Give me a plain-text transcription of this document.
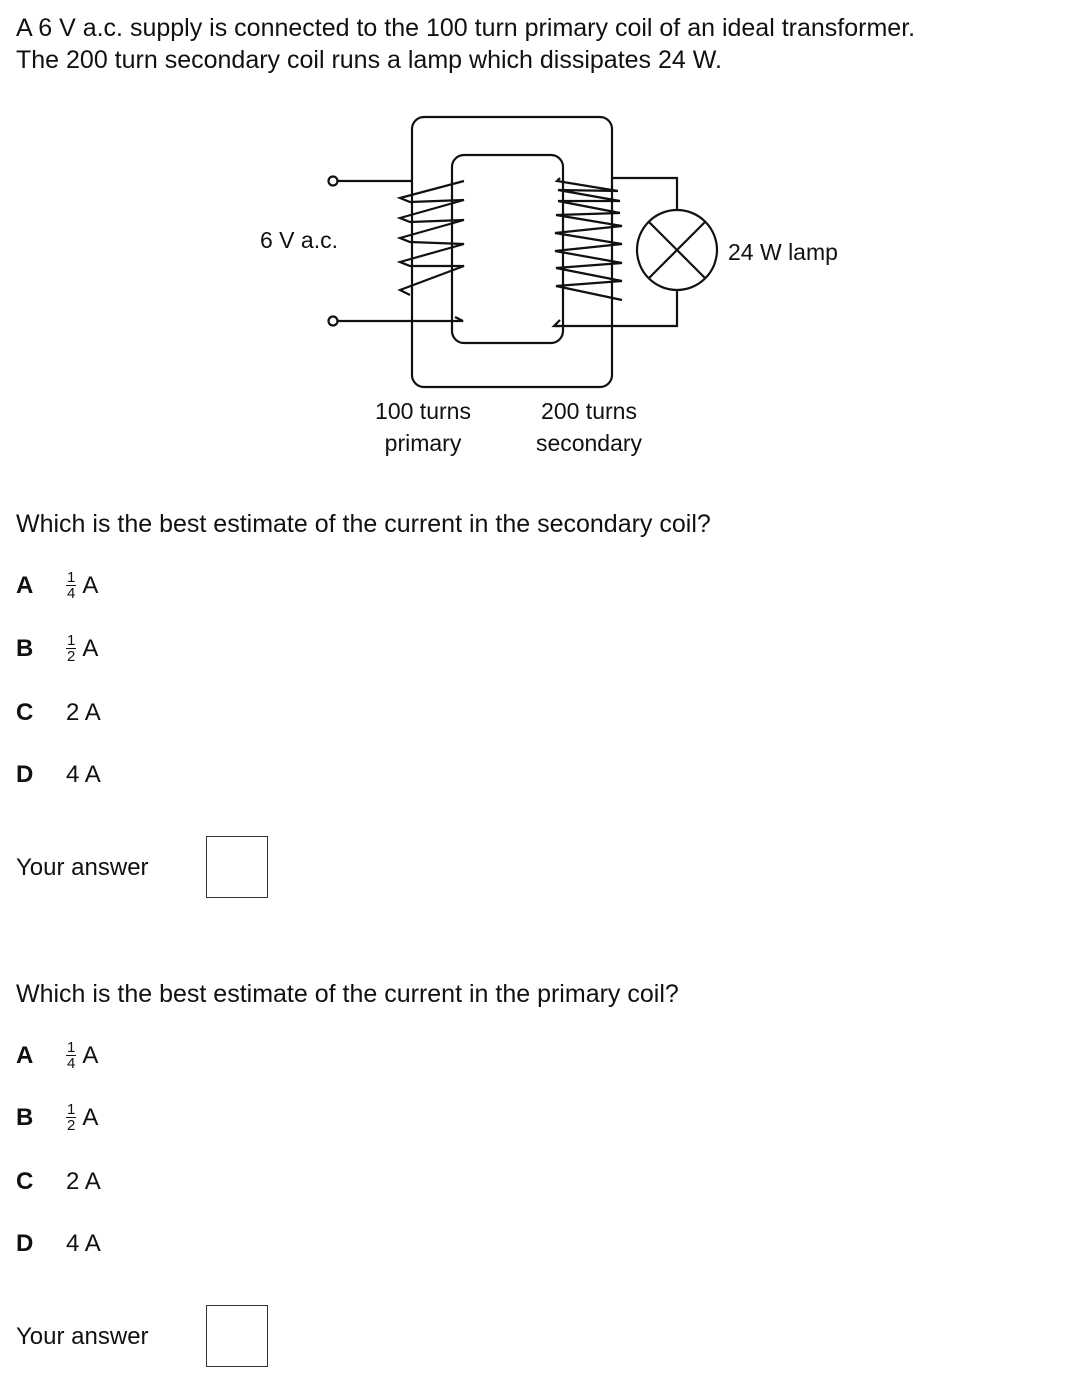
A 6 V a.c. supply is connected to the 100 turn primary coil of an ideal transformer.
The 200 turn secondary coil runs a lamp which dissipates 24 W.
6 V a.c.	24 W lamp
100 turns
primary
200 turns
secondary
Which is the best estimate of the current in the secondary coil?
A	$\frac{1}{4}$ A
B	$\frac{1}{2}$ A
C	2 A
D	4 A
Your answer
Which is the best estimate of the current in the primary coil?
A	$\frac{1}{4}$ A
B	$\frac{1}{2}$ A
C	2 A
D	4 A
Your answer
